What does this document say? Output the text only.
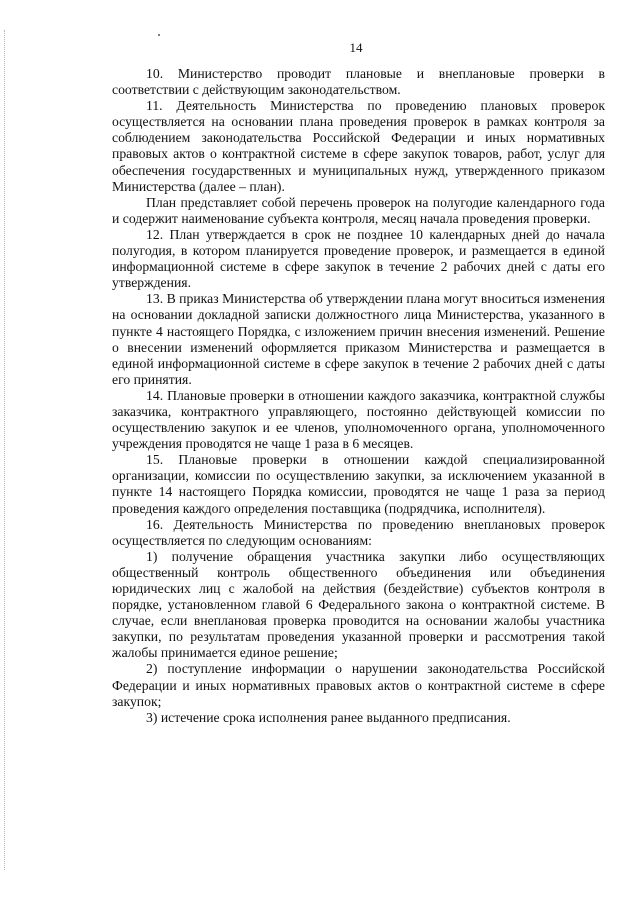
14

10. Министерство проводит плановые и внеплановые проверки в соответствии с действующим законодательством.

11. Деятельность Министерства по проведению плановых проверок осуществляется на основании плана проведения проверок в рамках контроля за соблюдением законодательства Российской Федерации и иных нормативных правовых актов о контрактной системе в сфере закупок товаров, работ, услуг для обеспечения государственных и муниципальных нужд, утвержденного приказом Министерства (далее – план).

План представляет собой перечень проверок на полугодие календарного года и содержит наименование субъекта контроля, месяц начала проведения проверки.

12. План утверждается в срок не позднее 10 календарных дней до начала полугодия, в котором планируется проведение проверок, и размещается в единой информационной системе в сфере закупок в течение 2 рабочих дней с даты его утверждения.

13. В приказ Министерства об утверждении плана могут вноситься изменения на основании докладной записки должностного лица Министерства, указанного в пункте 4 настоящего Порядка, с изложением причин внесения изменений. Решение о внесении изменений оформляется приказом Министерства и размещается в единой информационной системе в сфере закупок в течение 2 рабочих дней с даты его принятия.

14. Плановые проверки в отношении каждого заказчика, контрактной службы заказчика, контрактного управляющего, постоянно действующей комиссии по осуществлению закупок и ее членов, уполномоченного органа, уполномоченного учреждения проводятся не чаще 1 раза в 6 месяцев.

15. Плановые проверки в отношении каждой специализированной организации, комиссии по осуществлению закупки, за исключением указанной в пункте 14 настоящего Порядка комиссии, проводятся не чаще 1 раза за период проведения каждого определения поставщика (подрядчика, исполнителя).

16. Деятельность Министерства по проведению внеплановых проверок осуществляется по следующим основаниям:

1) получение обращения участника закупки либо осуществляющих общественный контроль общественного объединения или объединения юридических лиц с жалобой на действия (бездействие) субъектов контроля в порядке, установленном главой 6 Федерального закона о контрактной системе. В случае, если внеплановая проверка проводится на основании жалобы участника закупки, по результатам проведения указанной проверки и рассмотрения такой жалобы принимается единое решение;

2) поступление информации о нарушении законодательства Российской Федерации и иных нормативных правовых актов о контрактной системе в сфере закупок;

3) истечение срока исполнения ранее выданного предписания.
